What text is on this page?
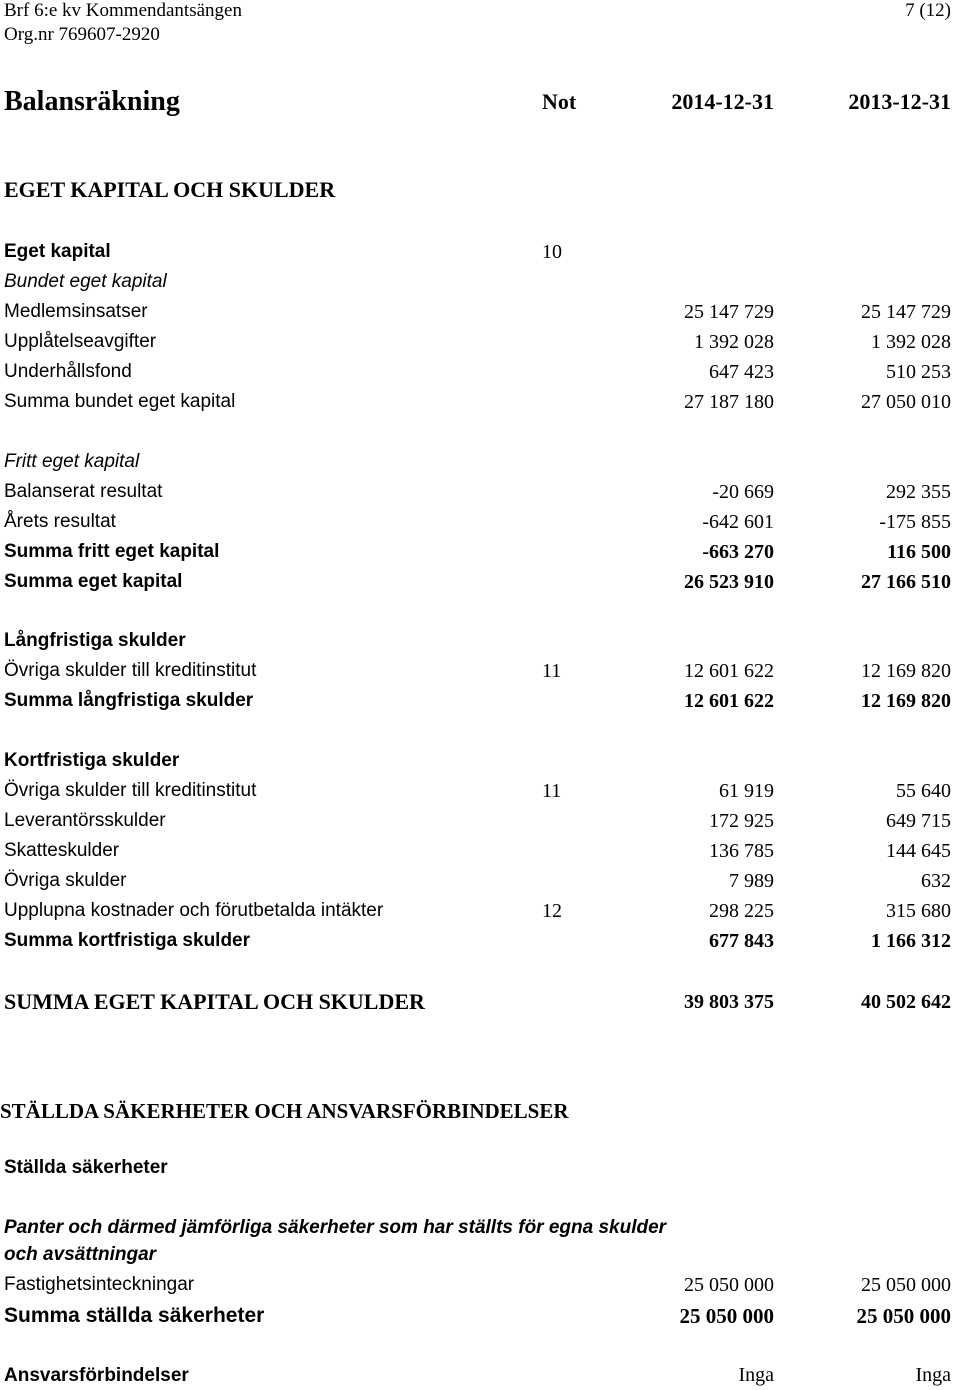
Brf 6:e kv Kommendantsängen	7 (12)
Org.nr 769607-2920
Balansräkning	Not	2014-12-31	2013-12-31
EGET KAPITAL OCH SKULDER
Eget kapital	10
Bundet eget kapital
Medlemsinsatser	25 147 729	25 147 729
Upplåtelseavgifter	1 392 028	1 392 028
Underhållsfond	647 423	510 253
Summa bundet eget kapital	27 187 180	27 050 010
Fritt eget kapital
Balanserat resultat	-20 669	292 355
Årets resultat	-642 601	-175 855
Summa fritt eget kapital	-663 270	116 500
Summa eget kapital	26 523 910	27 166 510
Långfristiga skulder
Övriga skulder till kreditinstitut	11	12 601 622	12 169 820
Summa långfristiga skulder	12 601 622	12 169 820
Kortfristiga skulder
Övriga skulder till kreditinstitut	11	61 919	55 640
Leverantörsskulder	172 925	649 715
Skatteskulder	136 785	144 645
Övriga skulder	7 989	632
Upplupna kostnader och förutbetalda intäkter	12	298 225	315 680
Summa kortfristiga skulder	677 843	1 166 312
SUMMA EGET KAPITAL OCH SKULDER	39 803 375	40 502 642
STÄLLDA SÄKERHETER OCH ANSVARSFÖRBINDELSER
Ställda säkerheter
Panter och därmed jämförliga säkerheter som har ställts för egna skulder och avsättningar
Fastighetsinteckningar	25 050 000	25 050 000
Summa ställda säkerheter	25 050 000	25 050 000
Ansvarsförbindelser	Inga	Inga
